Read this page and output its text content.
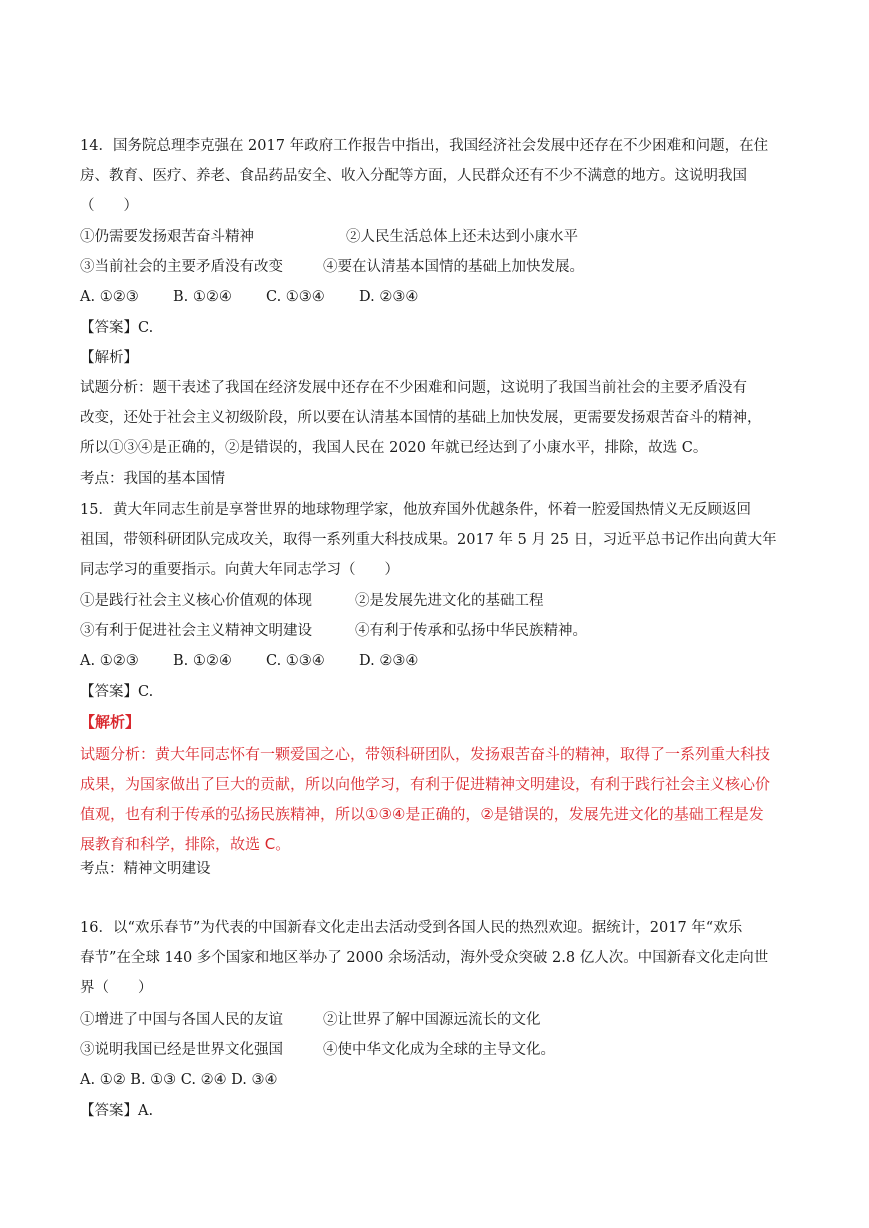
14．国务院总理李克强在 2017 年政府工作报告中指出，我国经济社会发展中还存在不少困难和问题，在住
房、教育、医疗、养老、食品药品安全、收入分配等方面，人民群众还有不少不满意的地方。这说明我国
（　　）
①仍需要发扬艰苦奋斗精神	②人民生活总体上还未达到小康水平
③当前社会的主要矛盾没有改变	④要在认清基本国情的基础上加快发展。
A. ①②③ B. ①②④ C. ①③④ D. ②③④
【答案】C.
【解析】
试题分析：题干表述了我国在经济发展中还存在不少困难和问题，这说明了我国当前社会的主要矛盾没有
改变，还处于社会主义初级阶段，所以要在认清基本国情的基础上加快发展，更需要发扬艰苦奋斗的精神，
所以①③④是正确的，②是错误的，我国人民在 2020 年就已经达到了小康水平，排除，故选 C。
考点：我国的基本国情
15．黄大年同志生前是享誉世界的地球物理学家，他放弃国外优越条件，怀着一腔爱国热情义无反顾返回
祖国，带领科研团队完成攻关，取得一系列重大科技成果。2017 年 5 月 25 日，习近平总书记作出向黄大年
同志学习的重要指示。向黄大年同志学习（　　）
①是践行社会主义核心价值观的体现	②是发展先进文化的基础工程
③有利于促进社会主义精神文明建设	④有利于传承和弘扬中华民族精神。
A. ①②③ B. ①②④ C. ①③④ D. ②③④
【答案】C.
【解析】
试题分析：黄大年同志怀有一颗爱国之心，带领科研团队，发扬艰苦奋斗的精神，取得了一系列重大科技
成果，为国家做出了巨大的贡献，所以向他学习，有利于促进精神文明建设，有利于践行社会主义核心价
值观，也有利于传承的弘扬民族精神，所以①③④是正确的，②是错误的，发展先进文化的基础工程是发
展教育和科学，排除，故选 C。
考点：精神文明建设
16．以“欢乐春节”为代表的中国新春文化走出去活动受到各国人民的热烈欢迎。据统计，2017 年“欢乐
春节”在全球 140 多个国家和地区举办了 2000 余场活动，海外受众突破 2.8 亿人次。中国新春文化走向世
界（　　）
①增进了中国与各国人民的友谊	②让世界了解中国源远流长的文化
③说明我国已经是世界文化强国	④使中华文化成为全球的主导文化。
A. ①② B. ①③ C. ②④ D. ③④
【答案】A.
